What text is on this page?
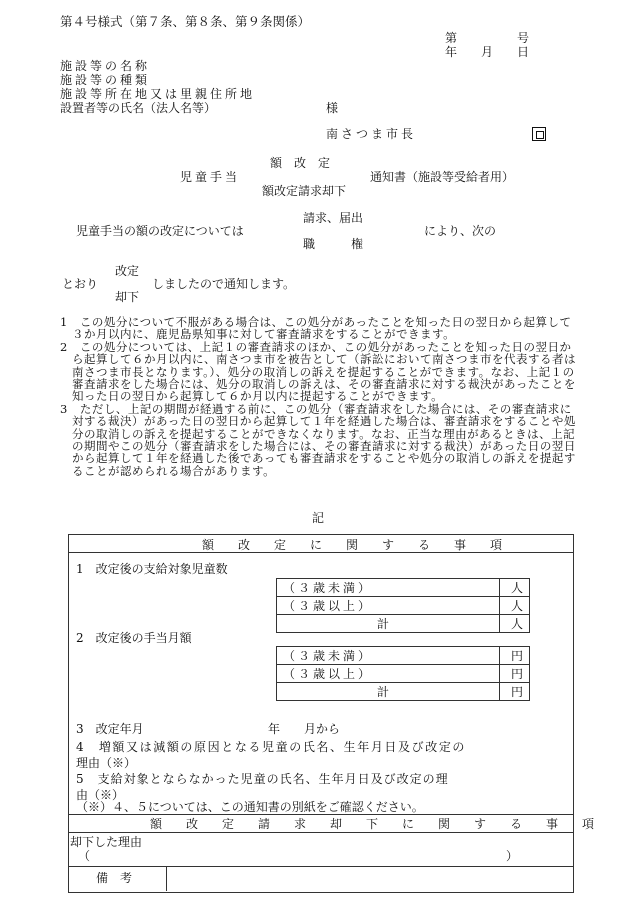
第４号様式（第７条、第８条、第９条関係）
第　　　　　号
年　　月　　日
施設等の名称
施設等の種類
施設等所在地又は里親住所地
設置者等の氏名（法人名等）	様
南さつま市長
額　改　定
児童手当	通知書（施設等受給者用）
額改定請求却下
請求、届出
児童手当の額の改定については	により、次の
職　　　権
改定
とおり	しましたので通知します。
却下

1　この処分について不服がある場合は、この処分があったことを知った日の翌日から起算して３か月以内に、鹿児島県知事に対して審査請求をすることができます。

2　この処分については、上記１の審査請求のほか、この処分があったことを知った日の翌日から起算して６か月以内に、南さつま市を被告として（訴訟において南さつま市を代表する者は南さつま市長となります。）、処分の取消しの訴えを提起することができます。なお、上記１の審査請求をした場合には、処分の取消しの訴えは、その審査請求に対する裁決があったことを知った日の翌日から起算して６か月以内に提起することができます。

3　ただし、上記の期間が経過する前に、この処分（審査請求をした場合には、その審査請求に対する裁決）があった日の翌日から起算して１年を経過した場合は、審査請求をすることや処分の取消しの訴えを提起することができなくなります。なお、正当な理由があるときは、上記の期間やこの処分（審査請求をした場合には、その審査請求に対する裁決）があった日の翌日から起算して１年を経過した後であっても審査請求をすることや処分の取消しの訴えを提起することが認められる場合があります。

記
額　改　定　に　関　す　る　事　項
1　改定後の支給対象児童数
（３歳未満）	人
（３歳以上）	人
計	人
2　改定後の手当月額
（３歳未満）	円
（３歳以上）	円
計	円
3　改定年月	年　　月から
4　増額又は減額の原因となる児童の氏名、生年月日及び改定の
理由（※）
5　支給対象とならなかった児童の氏名、生年月日及び改定の理
由（※）
（※）４、５については、この通知書の別紙をご確認ください。
額　改　定　請　求　却　下　に　関　す　る　事　項
却下した理由
（	）
備　考
